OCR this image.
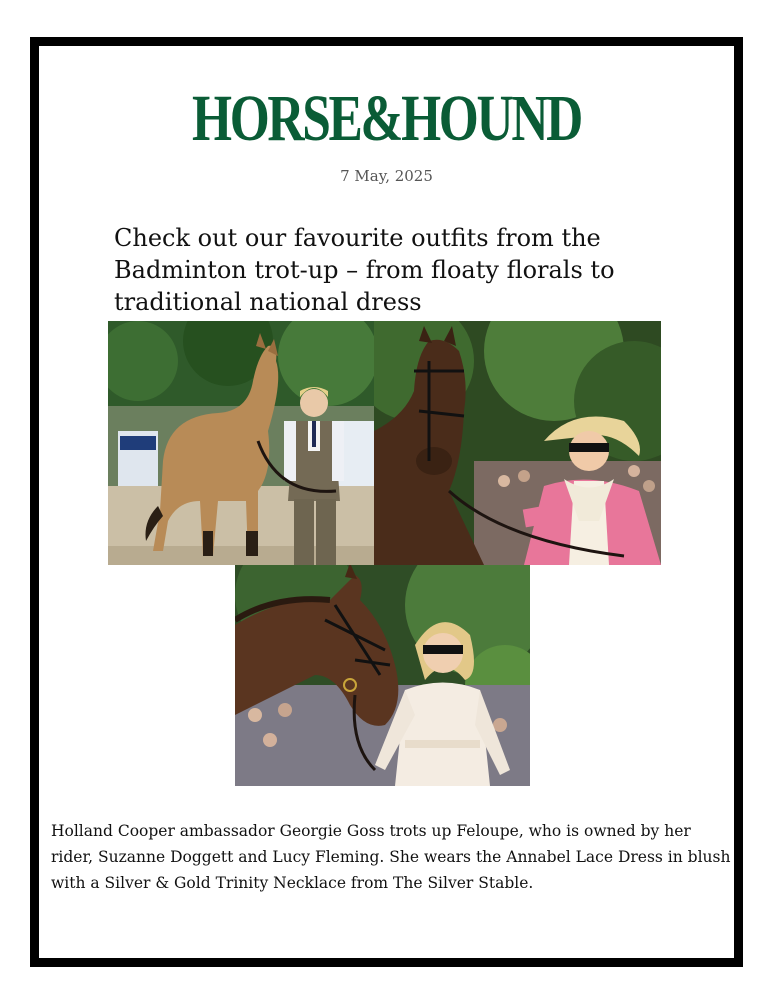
HORSE&HOUND
7 May, 2025
Check out our favourite outfits from the Badminton trot-up – from floaty florals to traditional national dress
Holland Cooper ambassador Georgie Goss trots up Feloupe, who is owned by her rider, Suzanne Doggett and Lucy Fleming. She wears the Annabel Lace Dress in blush with a Silver & Gold Trinity Necklace from The Silver Stable.
